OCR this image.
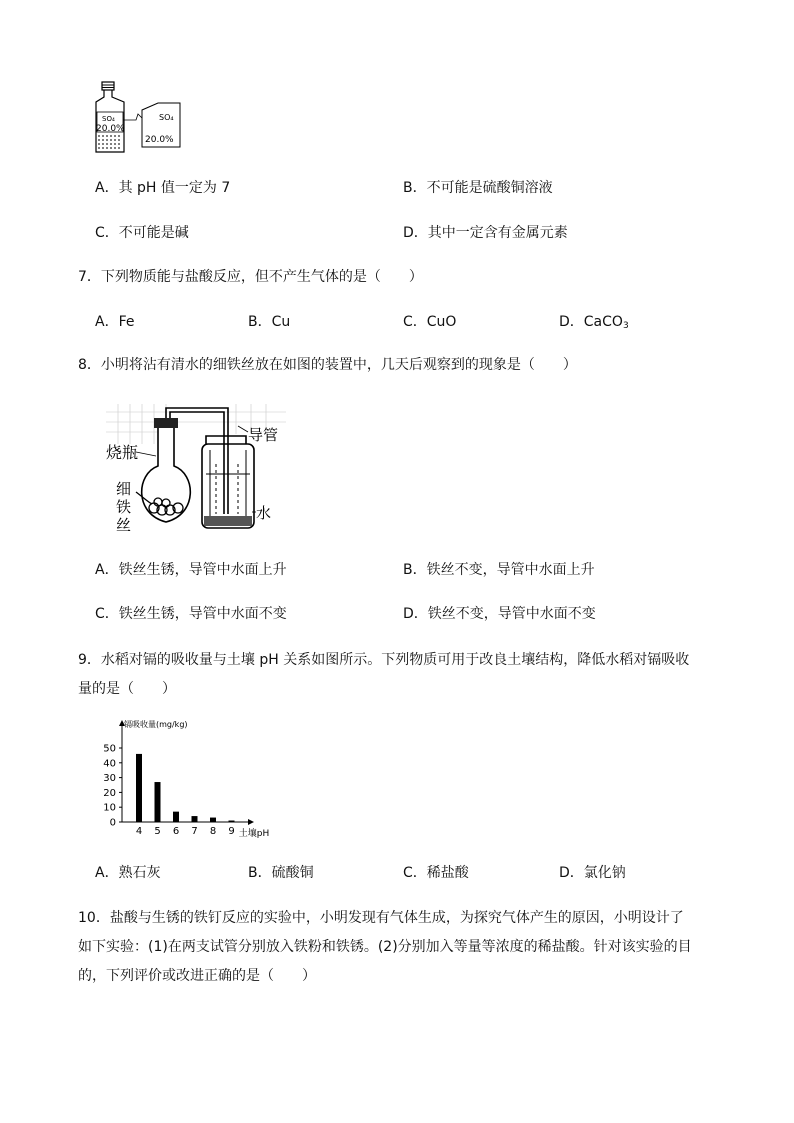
SO₄
20.0%
SO₄
20.0%
A．其 pH 值一定为 7	B．不可能是硫酸铜溶液
C．不可能是碱	D．其中一定含有金属元素
7．下列物质能与盐酸反应，但不产生气体的是（　　）
A．Fe	B．Cu	C．CuO	D．CaCO$_3$
8．小明将沾有清水的细铁丝放在如图的装置中，几天后观察到的现象是（　　）
烧瓶
细
铁
丝
导管
水
A．铁丝生锈，导管中水面上升	B．铁丝不变，导管中水面上升
C．铁丝生锈，导管中水面不变	D．铁丝不变，导管中水面不变
9．水稻对镉的吸收量与土壤 pH 关系如图所示。下列物质可用于改良土壤结构，降低水稻对镉吸收
量的是（　　）
镉吸收量(mg/kg)
0
10
20
30
40
50
4 5 6 7 8 9 土壤pH
A．熟石灰	B．硫酸铜	C．稀盐酸	D．氯化钠
10．盐酸与生锈的铁钉反应的实验中，小明发现有气体生成，为探究气体产生的原因，小明设计了
如下实验：(1)在两支试管分别放入铁粉和铁锈。(2)分别加入等量等浓度的稀盐酸。针对该实验的目
的，下列评价或改进正确的是（　　）
